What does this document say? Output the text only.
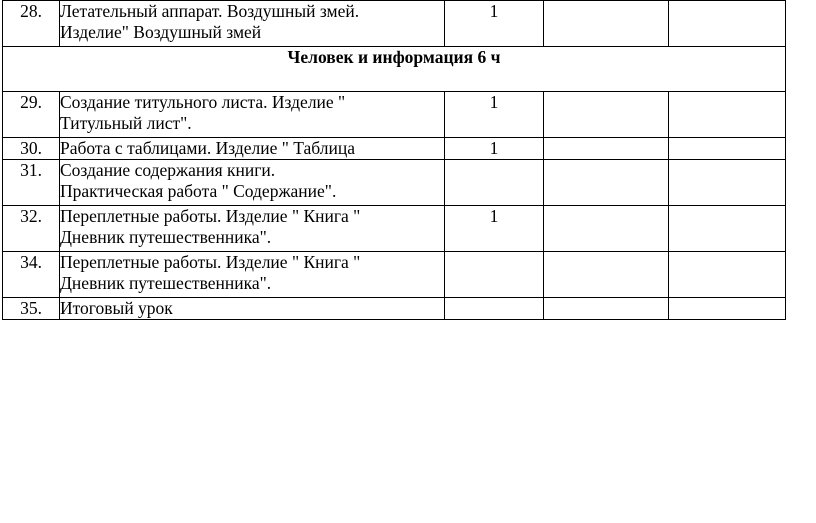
28.	Летательный аппарат. Воздушный змей.
Изделие" Воздушный змей	1		
Человек и информация 6 ч				
29.	Создание титульного листа. Изделие "
Титульный лист".	1		
30.	Работа с таблицами. Изделие " Таблица	1		
31.	Создание содержания книги.
Практическая работа " Содержание".			
32.	Переплетные работы. Изделие " Книга "
Дневник путешественника".	1		
34.	Переплетные работы. Изделие " Книга "
Дневник путешественника".			
35.	Итоговый урок			
